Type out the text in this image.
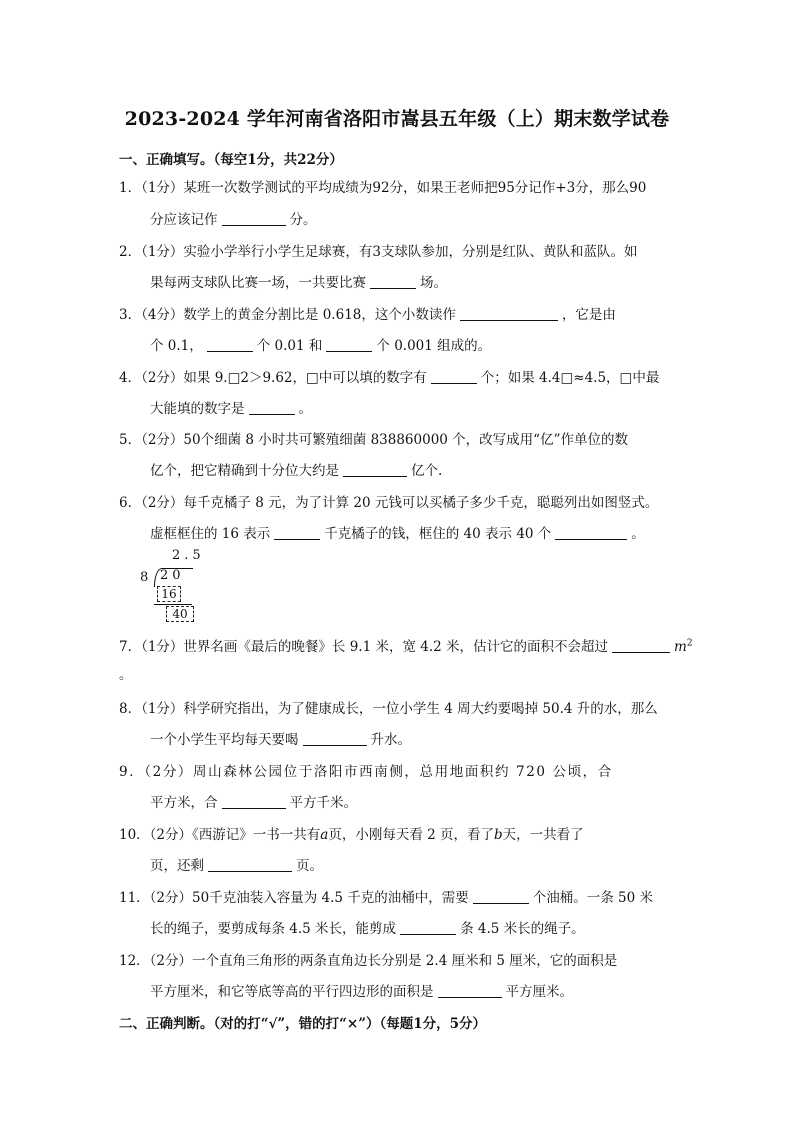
2023-2024 学年河南省洛阳市嵩县五年级（上）期末数学试卷
一、正确填写。（每空1分，共22分）
1．（1分）某班一次数学测试的平均成绩为92分，如果王老师把95分记作+3分，那么90
分应该记作	分。
2．（1分）实验小学举行小学生足球赛，有3支球队参加，分别是红队、黄队和蓝队。如
果每两支球队比赛一场，一共要比赛	场。
3．（4分）数学上的黄金分割比是 0.618，这个小数读作	，它是由
个 0.1，	个 0.01 和	个 0.001 组成的。
4．（2分）如果 9.□2＞9.62，□中可以填的数字有	个；如果 4.4□≈4.5，□中最
大能填的数字是	。
5．（2分）50个细菌 8 小时共可繁殖细菌 838860000 个，改写成用“亿”作单位的数
亿个，把它精确到十分位大约是	亿个.
6．（2分）每千克橘子 8 元，为了计算 20 元钱可以买橘子多少千克，聪聪列出如图竖式。
虚框框住的 16 表示	千克橘子的钱，框住的 40 表示 40 个	。
2.5
8 20
16
40
7．（1分）世界名画《最后的晚餐》长 9.1 米，宽 4.2 米，估计它的面积不会超过	$m^2$
。
8．（1分）科学研究指出，为了健康成长，一位小学生 4 周大约要喝掉 50.4 升的水，那么
一个小学生平均每天要喝	升水。
9．（2分）周山森林公园位于洛阳市西南侧，总用地面积约 720 公顷，合
平方米，合	平方千米。
10．（2分）《西游记》一书一共有a页，小刚每天看 2 页，看了b天，一共看了
页，还剩	页。
11．（2分）50千克油装入容量为 4.5 千克的油桶中，需要	个油桶。一条 50 米
长的绳子，要剪成每条 4.5 米长，能剪成	条 4.5 米长的绳子。
12．（2分）一个直角三角形的两条直角边长分别是 2.4 厘米和 5 厘米，它的面积是
平方厘米，和它等底等高的平行四边形的面积是	平方厘米。
二、正确判断。（对的打“√”，错的打“×”）（每题1分，5分）
